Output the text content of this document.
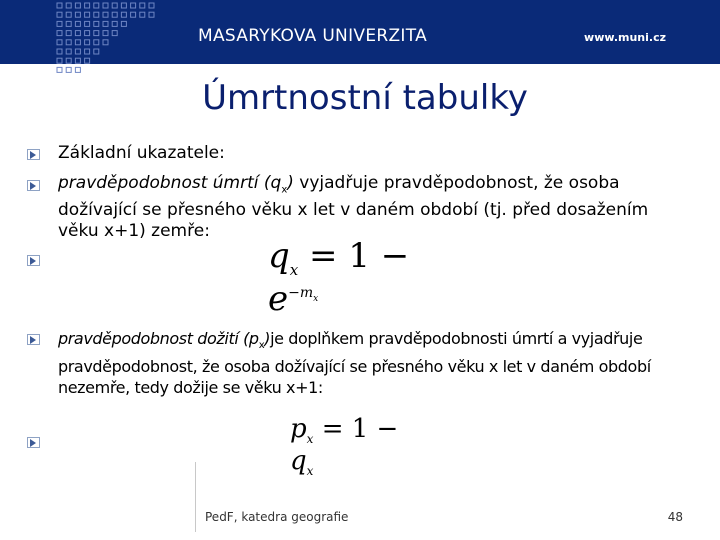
MASARYKOVA UNIVERZITA	www.muni.cz
Úmrtnostní tabulky

Základní ukazatele:

pravděpodobnost úmrtí $(q_x)$ vyjadřuje pravděpodobnost, že osoba dožívající se přesného věku x let v daném období (tj. před dosažením věku x+1) zemře:

$q_x = 1 - e^{-m_x}$

pravděpodobnost dožití $(p_x)je$ doplňkem pravděpodobnosti úmrtí a vyjadřuje pravděpodobnost, že osoba dožívající se přesného věku x let v daném období nezemře, tedy dožije se věku x+1:

$p_x = 1 - q_x$
PedF, katedra geografie	48
